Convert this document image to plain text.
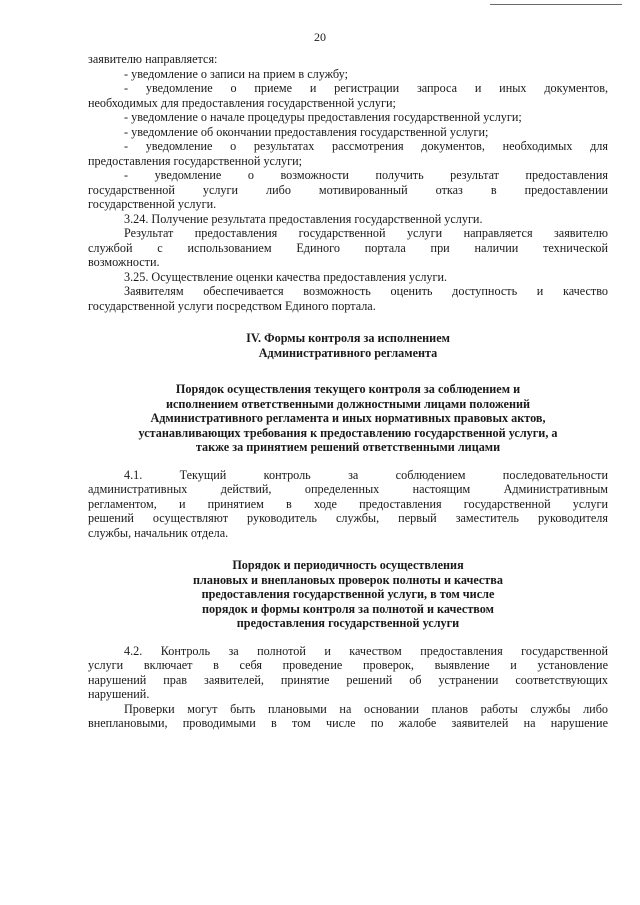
20

заявителю направляется:

- уведомление о записи на прием в службу;

- уведомление о приеме и регистрации запроса и иных документов,

необходимых для предоставления государственной услуги;

- уведомление о начале процедуры предоставления государственной услуги;

- уведомление об окончании предоставления государственной услуги;

- уведомление о результатах рассмотрения документов, необходимых для

предоставления государственной услуги;

- уведомление о возможности получить результат предоставления

государственной услуги либо мотивированный отказ в предоставлении

государственной услуги.

3.24. Получение результата предоставления государственной услуги.

Результат предоставления государственной услуги направляется заявителю

службой с использованием Единого портала при наличии технической

возможности.

3.25. Осуществление оценки качества предоставления услуги.

Заявителям обеспечивается возможность оценить доступность и качество

государственной услуги посредством Единого портала.

IV. Формы контроля за исполнением

Административного регламента

Порядок осуществления текущего контроля за соблюдением и

исполнением ответственными должностными лицами положений

Административного регламента и иных нормативных правовых актов,

устанавливающих требования к предоставлению государственной услуги, а

также за принятием решений ответственными лицами

4.1. Текущий контроль за соблюдением последовательности

административных действий, определенных настоящим Административным

регламентом, и принятием в ходе предоставления государственной услуги

решений осуществляют руководитель службы, первый заместитель руководителя

службы, начальник отдела.

Порядок и периодичность осуществления

плановых и внеплановых проверок полноты и качества

предоставления государственной услуги, в том числе

порядок и формы контроля за полнотой и качеством

предоставления государственной услуги

4.2. Контроль за полнотой и качеством предоставления государственной

услуги включает в себя проведение проверок, выявление и установление

нарушений прав заявителей, принятие решений об устранении соответствующих

нарушений.

Проверки могут быть плановыми на основании планов работы службы либо

внеплановыми, проводимыми в том числе по жалобе заявителей на нарушение
